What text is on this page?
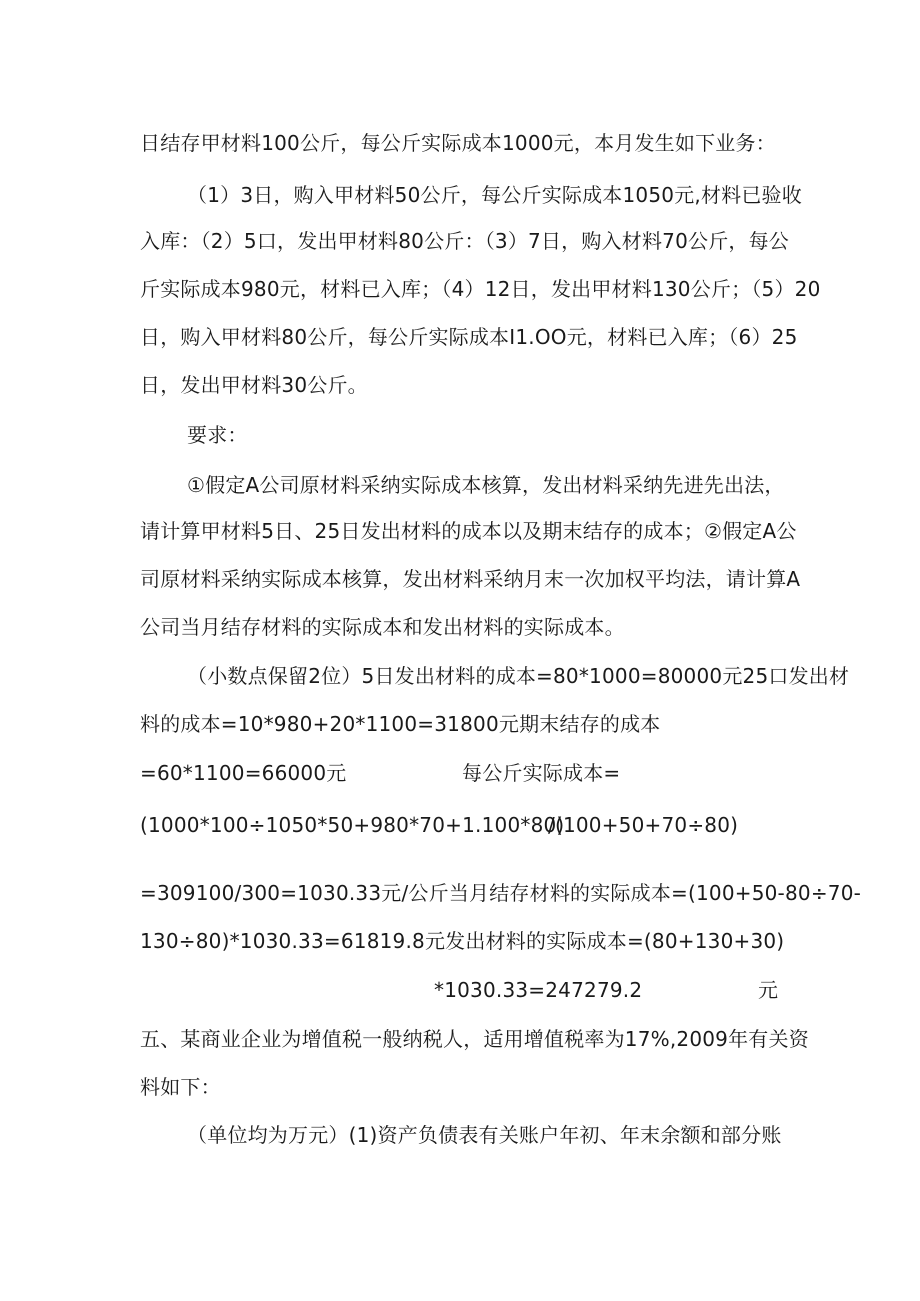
日结存甲材料100公斤，每公斤实际成本1000元，本月发生如下业务：
（1）3日，购入甲材料50公斤，每公斤实际成本1050元,材料已验收
入库：（2）5口，发出甲材料80公斤：（3）7日，购入材料70公斤，每公
斤实际成本980元，材料已入库；（4）12日，发出甲材料130公斤；（5）20
日，购入甲材料80公斤，每公斤实际成本I1.OO元，材料已入库；（6）25
日，发出甲材料30公斤。
要求：
①假定A公司原材料采纳实际成本核算，发出材料采纳先进先出法，
请计算甲材料5日、25日发出材料的成本以及期末结存的成本；②假定A公
司原材料采纳实际成本核算，发出材料采纳月末一次加权平均法，请计算A
公司当月结存材料的实际成本和发出材料的实际成本。
（小数点保留2位）5日发出材料的成本=80*1000=80000元25口发出材
料的成本=10*980+20*1100=31800元期末结存的成本
=60*1100=66000元	每公斤实际成本=
(1000*100÷1050*50+980*70+1.100*80)
/(100+50+70÷80)
=309100/300=1030.33元/公斤当月结存材料的实际成本=(100+50-80÷70-
130÷80)*1030.33=61819.8元发出材料的实际成本=(80+130+30)
*1030.33=247279.2	元
五、某商业企业为增值税一般纳税人，适用增值税率为17%,2009年有关资
料如下：
（单位均为万元）(1)资产负债表有关账户年初、年末余额和部分账
